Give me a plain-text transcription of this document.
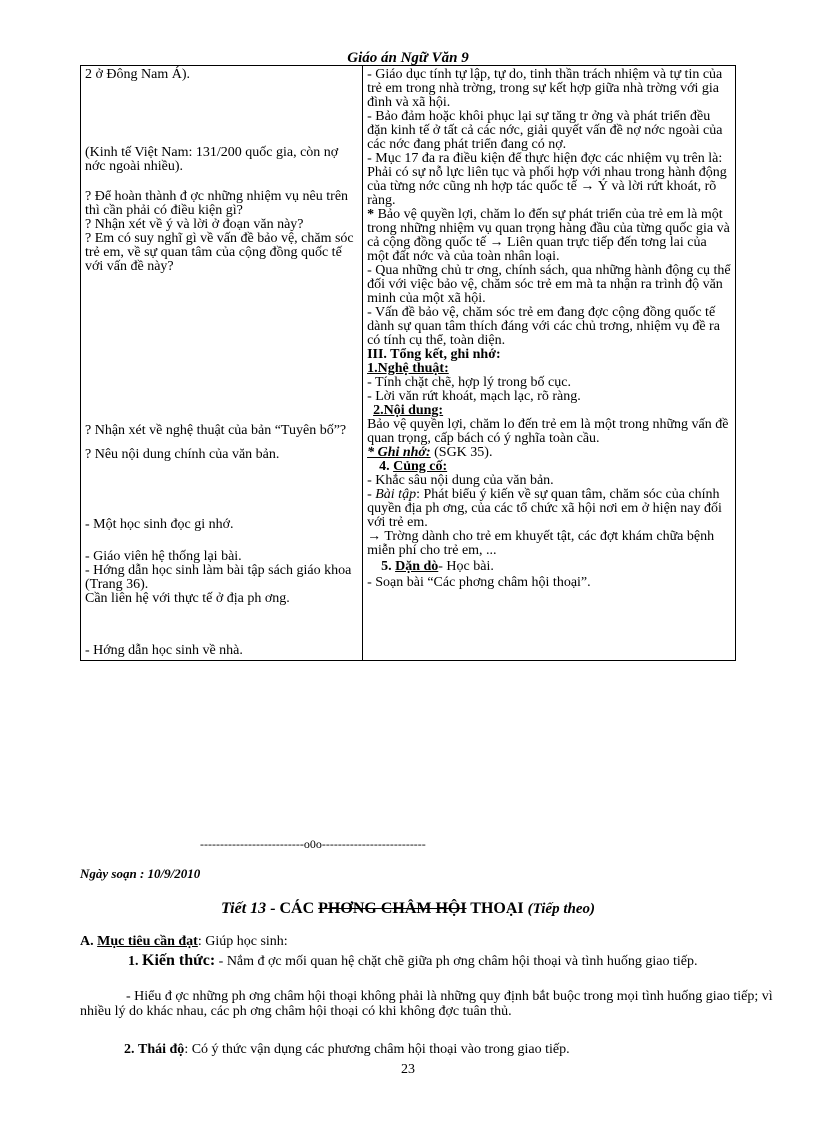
Giáo án Ngữ Văn 9
2 ở Đông Nam Á).
(Kinh tế Việt Nam: 131/200 quốc gia, còn nợ nớc ngoài nhiều).
? Để hoàn thành đ ợc những nhiệm vụ nêu trên thì cần phải có điều kiện gì?
? Nhận xét về ý và lời ở đoạn văn này?
? Em có suy nghĩ gì về vấn đề bảo vệ, chăm sóc trẻ em, về sự quan tâm của cộng đồng quốc tế với vấn đề này?
? Nhận xét về nghệ thuật của bản “Tuyên bố”?
? Nêu nội dung chính của văn bản.
- Một học sinh đọc gi nhớ.
- Giáo viên hệ thống lại bài.
- Hớng dẫn học sinh làm bài tập sách giáo khoa (Trang 36).
Cần liên hệ với thực tế ở địa ph ơng.
- Hớng dẫn học sinh về nhà.

- Giáo dục tính tự lập, tự do, tinh thần trách nhiệm và tự tin của trẻ em trong nhà trờng, trong sự kết hợp giữa nhà trờng với gia đình và xã hội.
- Bảo đảm hoặc khôi phục lại sự tăng tr ởng và phát triển đều đặn kinh tế ở tất cả các nớc, giải quyết vấn đề nợ nớc ngoài của các nớc đang phát triển đang có nợ.
- Mục 17 đa ra điều kiện để thực hiện đợc các nhiệm vụ trên là: Phải có sự nỗ lực liên tục và phối hợp với nhau trong hành động của từng nớc cũng nh hợp tác quốc tế → Ý và lời rứt khoát, rõ ràng.
* Bảo vệ quyền lợi, chăm lo đến sự phát triển của trẻ em là một trong những nhiệm vụ quan trọng hàng đầu của từng quốc gia và cả cộng đồng quốc tế → Liên quan trực tiếp đến tơng lai của một đất nớc và của toàn nhân loại.
- Qua những chủ tr ơng, chính sách, qua những hành động cụ thể đối với việc bảo vệ, chăm sóc trẻ em mà ta nhận ra trình độ văn minh của một xã hội.
- Vấn đề bảo vệ, chăm sóc trẻ em đang đợc cộng đồng quốc tế dành sự quan tâm thích đáng với các chủ trơng, nhiệm vụ đề ra có tính cụ thể, toàn diện.
III. Tổng kết, ghi nhớ:
1.Nghệ thuật:
- Tính chặt chẽ, hợp lý trong bố cục.
- Lời văn rứt khoát, mạch lạc, rõ ràng.
2.Nội dung:
Bảo vệ quyền lợi, chăm lo đến trẻ em là một trong những vấn đề quan trọng, cấp bách có ý nghĩa toàn cầu.
* Ghi nhớ: (SGK 35).
4. Củng cố:
- Khắc sâu nội dung của văn bản.
- Bài tập: Phát biểu ý kiến về sự quan tâm, chăm sóc của chính quyền địa ph ơng, của các tổ chức xã hội nơi em ở hiện nay đối với trẻ em.
→ Trờng dành cho trẻ em khuyết tật, các đợt khám chữa bệnh miễn phí cho trẻ em, ...
5. Dặn dò- Học bài.
- Soạn bài “Các phơng châm hội thoại”.
--------------------------o0o--------------------------
Ngày soạn : 10/9/2010
Tiết 13 - CÁC PHƠNG CHÂM HỘI THOẠI (Tiếp theo)
A. Mục tiêu cần đạt: Giúp học sinh:
1. Kiến thức: - Nắm đ ợc mối quan hệ chặt chẽ giữa ph ơng châm hội thoại và tình huống giao tiếp.
- Hiểu đ ợc những ph ơng châm hội thoại không phải là những quy định bắt buộc trong mọi tình huống giao tiếp; vì nhiều lý do khác nhau, các ph ơng châm hội thoại có khi không đợc tuân thủ.
2. Thái độ: Có ý thức vận dụng các phương châm hội thoại vào trong giao tiếp.
23
